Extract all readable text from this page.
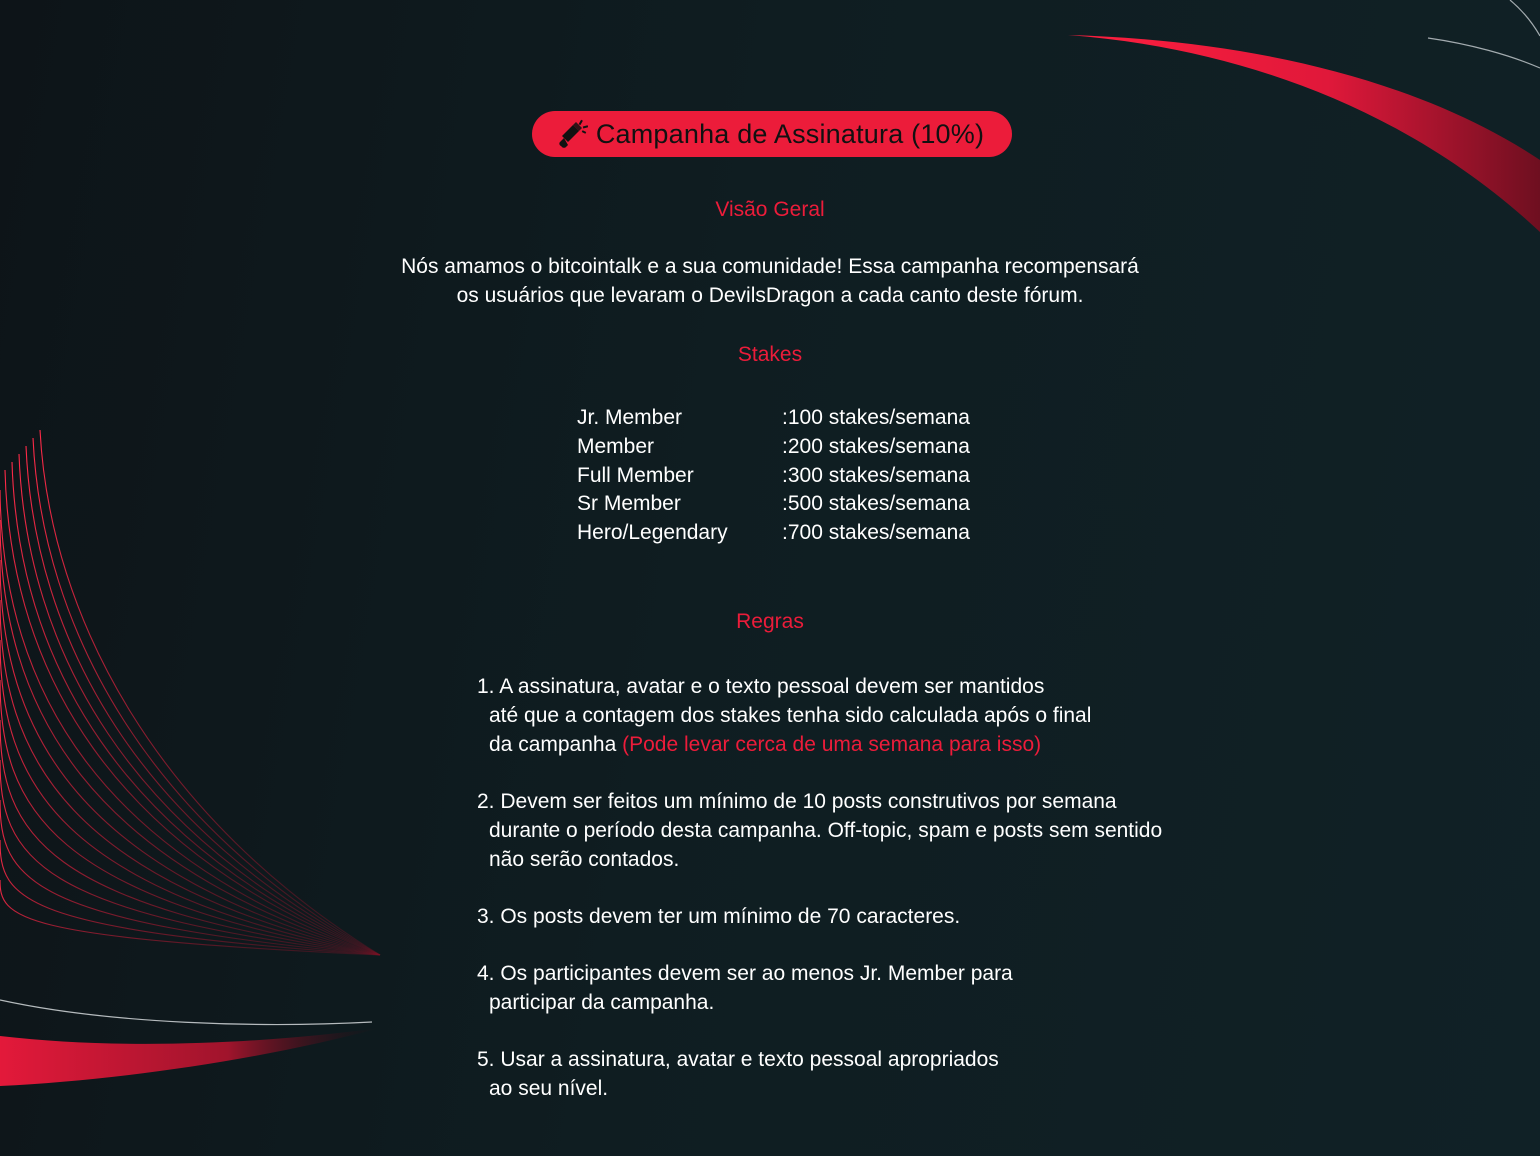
Campanha de Assinatura (10%)
Visão Geral
Nós amamos o bitcointalk e a sua comunidade! Essa campanha recompensará
os usuários que levaram o DevilsDragon a cada canto deste fórum.
Stakes
Jr. Member	:100 stakes/semana
Member	:200 stakes/semana
Full Member	:300 stakes/semana
Sr Member	:500 stakes/semana
Hero/Legendary	:700 stakes/semana
Regras
1. A assinatura, avatar e o texto pessoal devem ser mantidos
até que a contagem dos stakes tenha sido calculada após o final
da campanha (Pode levar cerca de uma semana para isso)
2. Devem ser feitos um mínimo de 10 posts construtivos por semana
durante o período desta campanha. Off-topic, spam e posts sem sentido
não serão contados.
3. Os posts devem ter um mínimo de 70 caracteres.
4. Os participantes devem ser ao menos Jr. Member para
participar da campanha.
5. Usar a assinatura, avatar e texto pessoal apropriados
ao seu nível.
